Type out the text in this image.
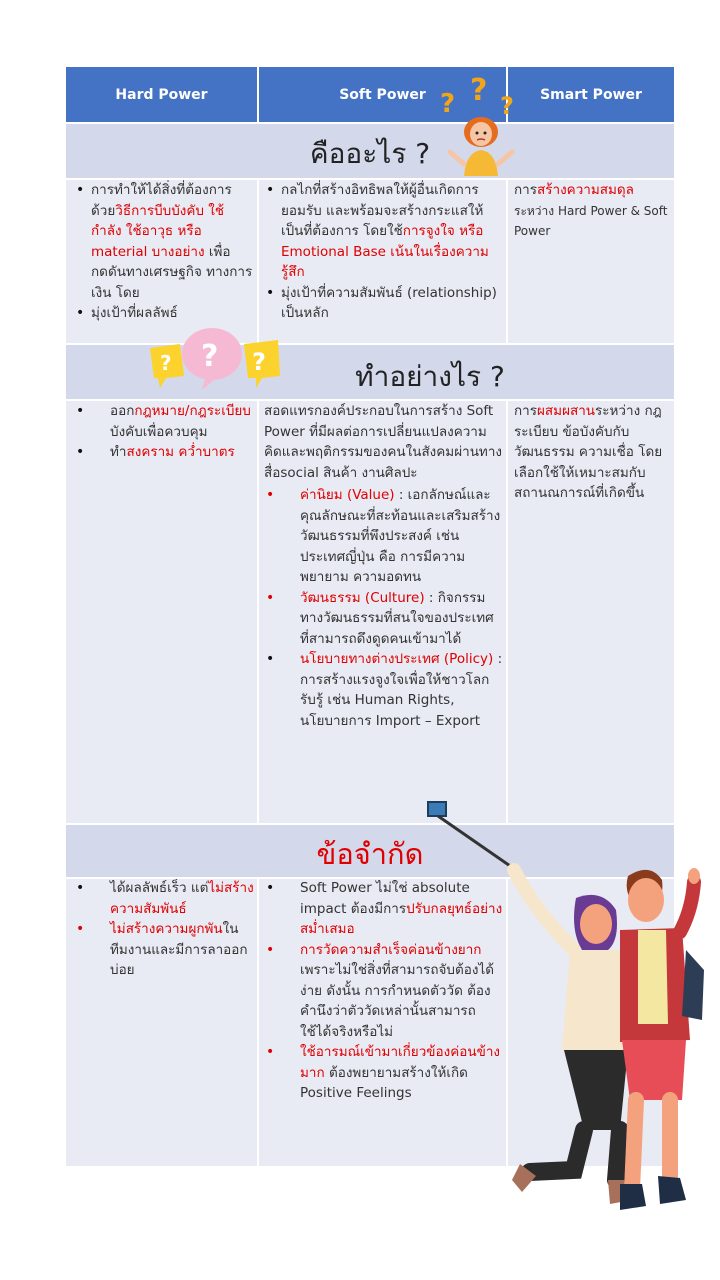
Hard Power	Soft Power	Smart Power
คืออะไร ?
ทำอย่างไร ?
ข้อจำกัด
• การทำให้ได้สิ่งที่ต้องการด้วยวิธีการบีบบังคับ ใช้กำลัง ใช้อาวุธ หรือ material บางอย่าง เพื่อกดดันทางเศรษฐกิจ ทางการเงิน โดย
• มุ่งเป้าที่ผลลัพธ์
• กลไกที่สร้างอิทธิพลให้ผู้อื่นเกิดการยอมรับ และพร้อมจะสร้างกระแสให้เป็นที่ต้องการ โดยใช้การจูงใจ หรือ Emotional Base เน้นในเรื่องความรู้สึก
• มุ่งเป้าที่ความสัมพันธ์ (relationship) เป็นหลัก

การสร้างความสมดุลระหว่าง Hard Power & Soft Power

• ออกกฎหมาย/กฎระเบียบบังคับเพื่อควบคุม
• ทำสงคราม คว่ำบาตร

สอดแทรกองค์ประกอบในการสร้าง Soft Power ที่มีผลต่อการเปลี่ยนแปลงความคิดและพฤติกรรมของคนในสังคมผ่านทางสื่อsocial สินค้า งานศิลปะ

• ค่านิยม (Value) : เอกลักษณ์และคุณลักษณะที่สะท้อนและเสริมสร้างวัฒนธรรมที่พึงประสงค์ เช่น ประเทศญี่ปุ่น คือ การมีความพยายาม ความอดทน
• วัฒนธรรม (Culture) : กิจกรรมทางวัฒนธรรมที่สนใจของประเทศ ที่สามารถดึงดูดคนเข้ามาได้
• นโยบายทางต่างประเทศ (Policy) : การสร้างแรงจูงใจเพื่อให้ชาวโลกรับรู้ เช่น Human Rights, นโยบายการ Import – Export

การผสมผสานระหว่าง กฎ ระเบียบ ข้อบังคับกับวัฒนธรรม ความเชื่อ โดยเลือกใช้ให้เหมาะสมกับสถานณการณ์ที่เกิดขึ้น

• ได้ผลลัพธ์เร็ว แต่ไม่สร้างความสัมพันธ์
• ไม่สร้างความผูกพันในทีมงานและมีการลาออกบ่อย
• Soft Power ไม่ใช่ absolute impact ต้องมีการปรับกลยุทธ์อย่างสม่ำเสมอ
• การวัดความสำเร็จค่อนข้างยาก เพราะไม่ใช่สิ่งที่สามารถจับต้องได้ง่าย ดังนั้น การกำหนดตัววัด ต้องคำนึงว่าตัววัดเหล่านั้นสามารถใช้ได้จริงหรือไม่
• ใช้อารมณ์เข้ามาเกี่ยวข้องค่อนข้างมาก ต้องพยายามสร้างให้เกิด Positive Feelings
? ? ?
? ? ?
